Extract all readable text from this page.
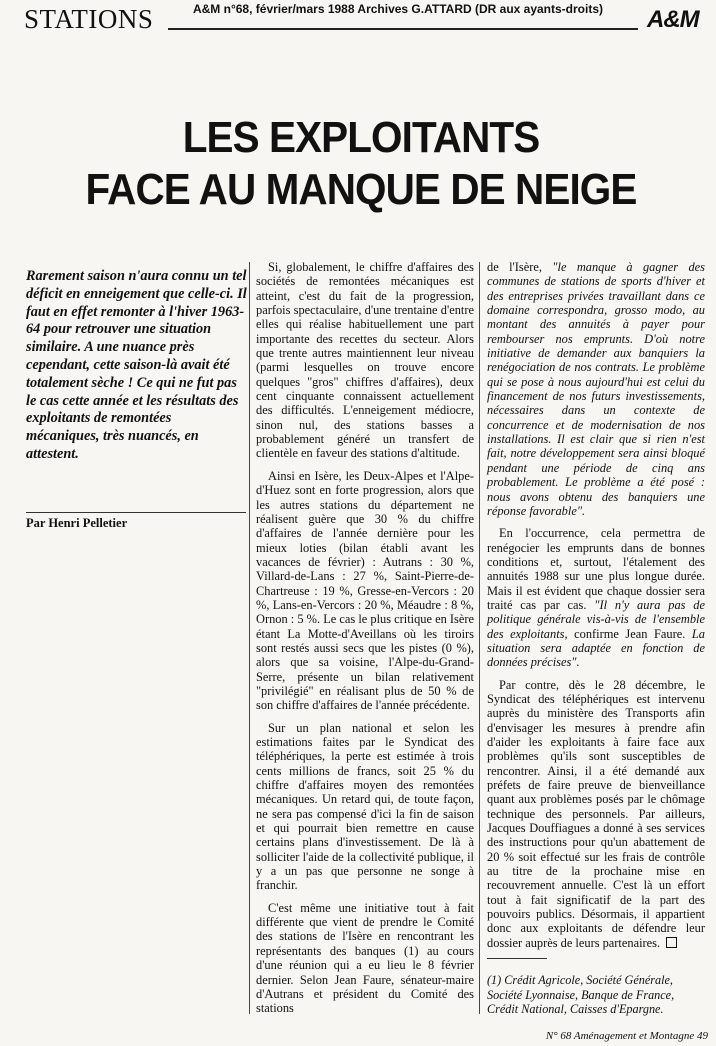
STATIONS	A&M n°68, février/mars 1988 Archives G.ATTARD (DR aux ayants-droits)	A&M
LES EXPLOITANTS
FACE AU MANQUE DE NEIGE
Rarement saison n'aura connu un tel déficit en enneigement que celle-ci. Il faut en effet remonter à l'hiver 1963-64 pour retrouver une situation similaire. A une nuance près cependant, cette saison-là avait été totalement sèche ! Ce qui ne fut pas le cas cette année et les résultats des exploitants de remontées mécaniques, très nuancés, en attestent.
Par Henri Pelletier

Si, globalement, le chiffre d'affaires des sociétés de remontées mécaniques est atteint, c'est du fait de la progression, parfois spectaculaire, d'une trentaine d'entre elles qui réalise habituellement une part importante des recettes du secteur. Alors que trente autres maintiennent leur niveau (parmi lesquelles on trouve encore quelques "gros" chiffres d'affaires), deux cent cinquante connaissent actuellement des difficultés. L'enneigement médiocre, sinon nul, des stations basses a probablement généré un transfert de clientèle en faveur des stations d'altitude.

Ainsi en Isère, les Deux-Alpes et l'Alpe-d'Huez sont en forte progression, alors que les autres stations du département ne réalisent guère que 30 % du chiffre d'affaires de l'année dernière pour les mieux loties (bilan établi avant les vacances de février) : Autrans : 30 %, Villard-de-Lans : 27 %, Saint-Pierre-de-Chartreuse : 19 %, Gresse-en-Vercors : 20 %, Lans-en-Vercors : 20 %, Méaudre : 8 %, Ornon : 5 %. Le cas le plus critique en Isère étant La Motte-d'Aveillans où les tiroirs sont restés aussi secs que les pistes (0 %), alors que sa voisine, l'Alpe-du-Grand-Serre, présente un bilan relativement "privilégié" en réalisant plus de 50 % de son chiffre d'affaires de l'année précédente.

Sur un plan national et selon les estimations faites par le Syndicat des téléphériques, la perte est estimée à trois cents millions de francs, soit 25 % du chiffre d'affaires moyen des remontées mécaniques. Un retard qui, de toute façon, ne sera pas compensé d'ici la fin de saison et qui pourrait bien remettre en cause certains plans d'investissement. De là à solliciter l'aide de la collectivité publique, il y a un pas que personne ne songe à franchir.

C'est même une initiative tout à fait différente que vient de prendre le Comité des stations de l'Isère en rencontrant les représentants des banques (1) au cours d'une réunion qui a eu lieu le 8 février dernier. Selon Jean Faure, sénateur-maire d'Autrans et président du Comité des stations

de l'Isère, "le manque à gagner des communes de stations de sports d'hiver et des entreprises privées travaillant dans ce domaine correspondra, grosso modo, au montant des annuités à payer pour rembourser nos emprunts. D'où notre initiative de demander aux banquiers la renégociation de nos contrats. Le problème qui se pose à nous aujourd'hui est celui du financement de nos futurs investissements, nécessaires dans un contexte de concurrence et de modernisation de nos installations. Il est clair que si rien n'est fait, notre développement sera ainsi bloqué pendant une période de cinq ans probablement. Le problème a été posé : nous avons obtenu des banquiers une réponse favorable".

En l'occurrence, cela permettra de renégocier les emprunts dans de bonnes conditions et, surtout, l'étalement des annuités 1988 sur une plus longue durée. Mais il est évident que chaque dossier sera traité cas par cas. "Il n'y aura pas de politique générale vis-à-vis de l'ensemble des exploitants, confirme Jean Faure. La situation sera adaptée en fonction de données précises".

Par contre, dès le 28 décembre, le Syndicat des téléphériques est intervenu auprès du ministère des Transports afin d'envisager les mesures à prendre afin d'aider les exploitants à faire face aux problèmes qu'ils sont susceptibles de rencontrer. Ainsi, il a été demandé aux préfets de faire preuve de bienveillance quant aux problèmes posés par le chômage technique des personnels. Par ailleurs, Jacques Douffiagues a donné à ses services des instructions pour qu'un abattement de 20 % soit effectué sur les frais de contrôle au titre de la prochaine mise en recouvrement annuelle. C'est là un effort tout à fait significatif de la part des pouvoirs publics. Désormais, il appartient donc aux exploitants de défendre leur dossier auprès de leurs partenaires.

(1) Crédit Agricole, Société Générale, Société Lyonnaise, Banque de France, Crédit National, Caisses d'Epargne.
N° 68 Aménagement et Montagne 49
